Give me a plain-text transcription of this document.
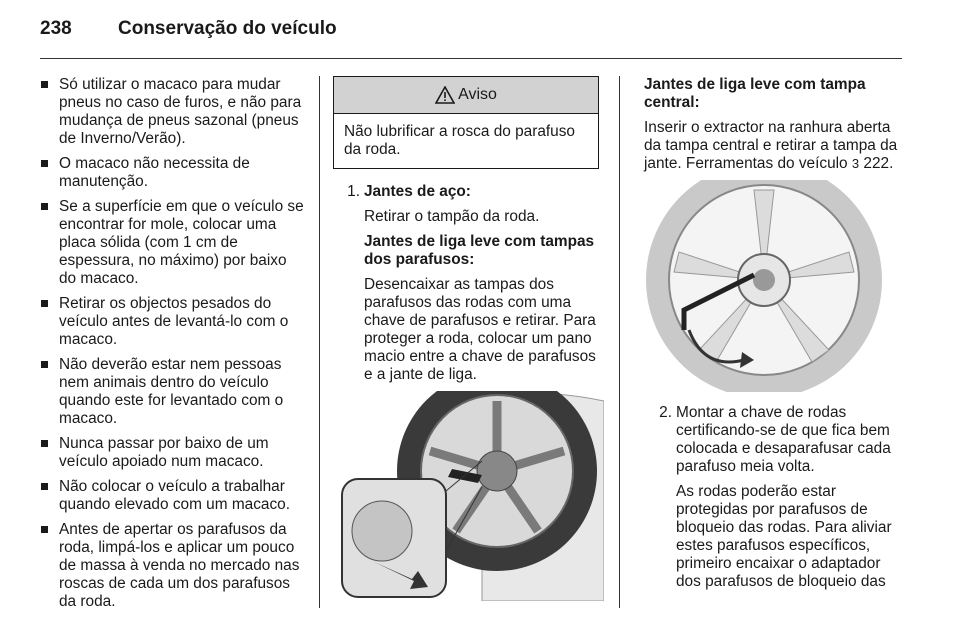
238	Conservação do veículo
Só utilizar o macaco para mudar pneus no caso de furos, e não para mudança de pneus sazonal (pneus de Inverno/Verão).
O macaco não necessita de manutenção.
Se a superfície em que o veículo se encontrar for mole, colocar uma placa sólida (com 1 cm de espessura, no máximo) por baixo do macaco.
Retirar os objectos pesados do veículo antes de levantá-lo com o macaco.
Não deverão estar nem pessoas nem animais dentro do veículo quando este for levantado com o macaco.
Nunca passar por baixo de um veículo apoiado num macaco.
Não colocar o veículo a trabalhar quando elevado com um macaco.
Antes de apertar os parafusos da roda, limpá-los e aplicar um pouco de massa à venda no mercado nas roscas de cada um dos parafusos da roda.
Aviso
Não lubrificar a rosca do parafuso da roda.
1. Jantes de aço:

Retirar o tampão da roda.

Jantes de liga leve com tampas dos parafusos:

Desencaixar as tampas dos parafusos das rodas com uma chave de parafusos e retirar. Para proteger a roda, colocar um pano macio entre a chave de parafusos e a jante de liga.

Jantes de liga leve com tampa central:

Inserir o extractor na ranhura aberta da tampa central e retirar a tampa da jante. Ferramentas do veículo 3 222.

2. Montar a chave de rodas certificando-se de que fica bem colocada e desaparafusar cada parafuso meia volta.

As rodas poderão estar protegidas por parafusos de bloqueio das rodas. Para aliviar estes parafusos específicos, primeiro encaixar o adaptador dos parafusos de bloqueio das
